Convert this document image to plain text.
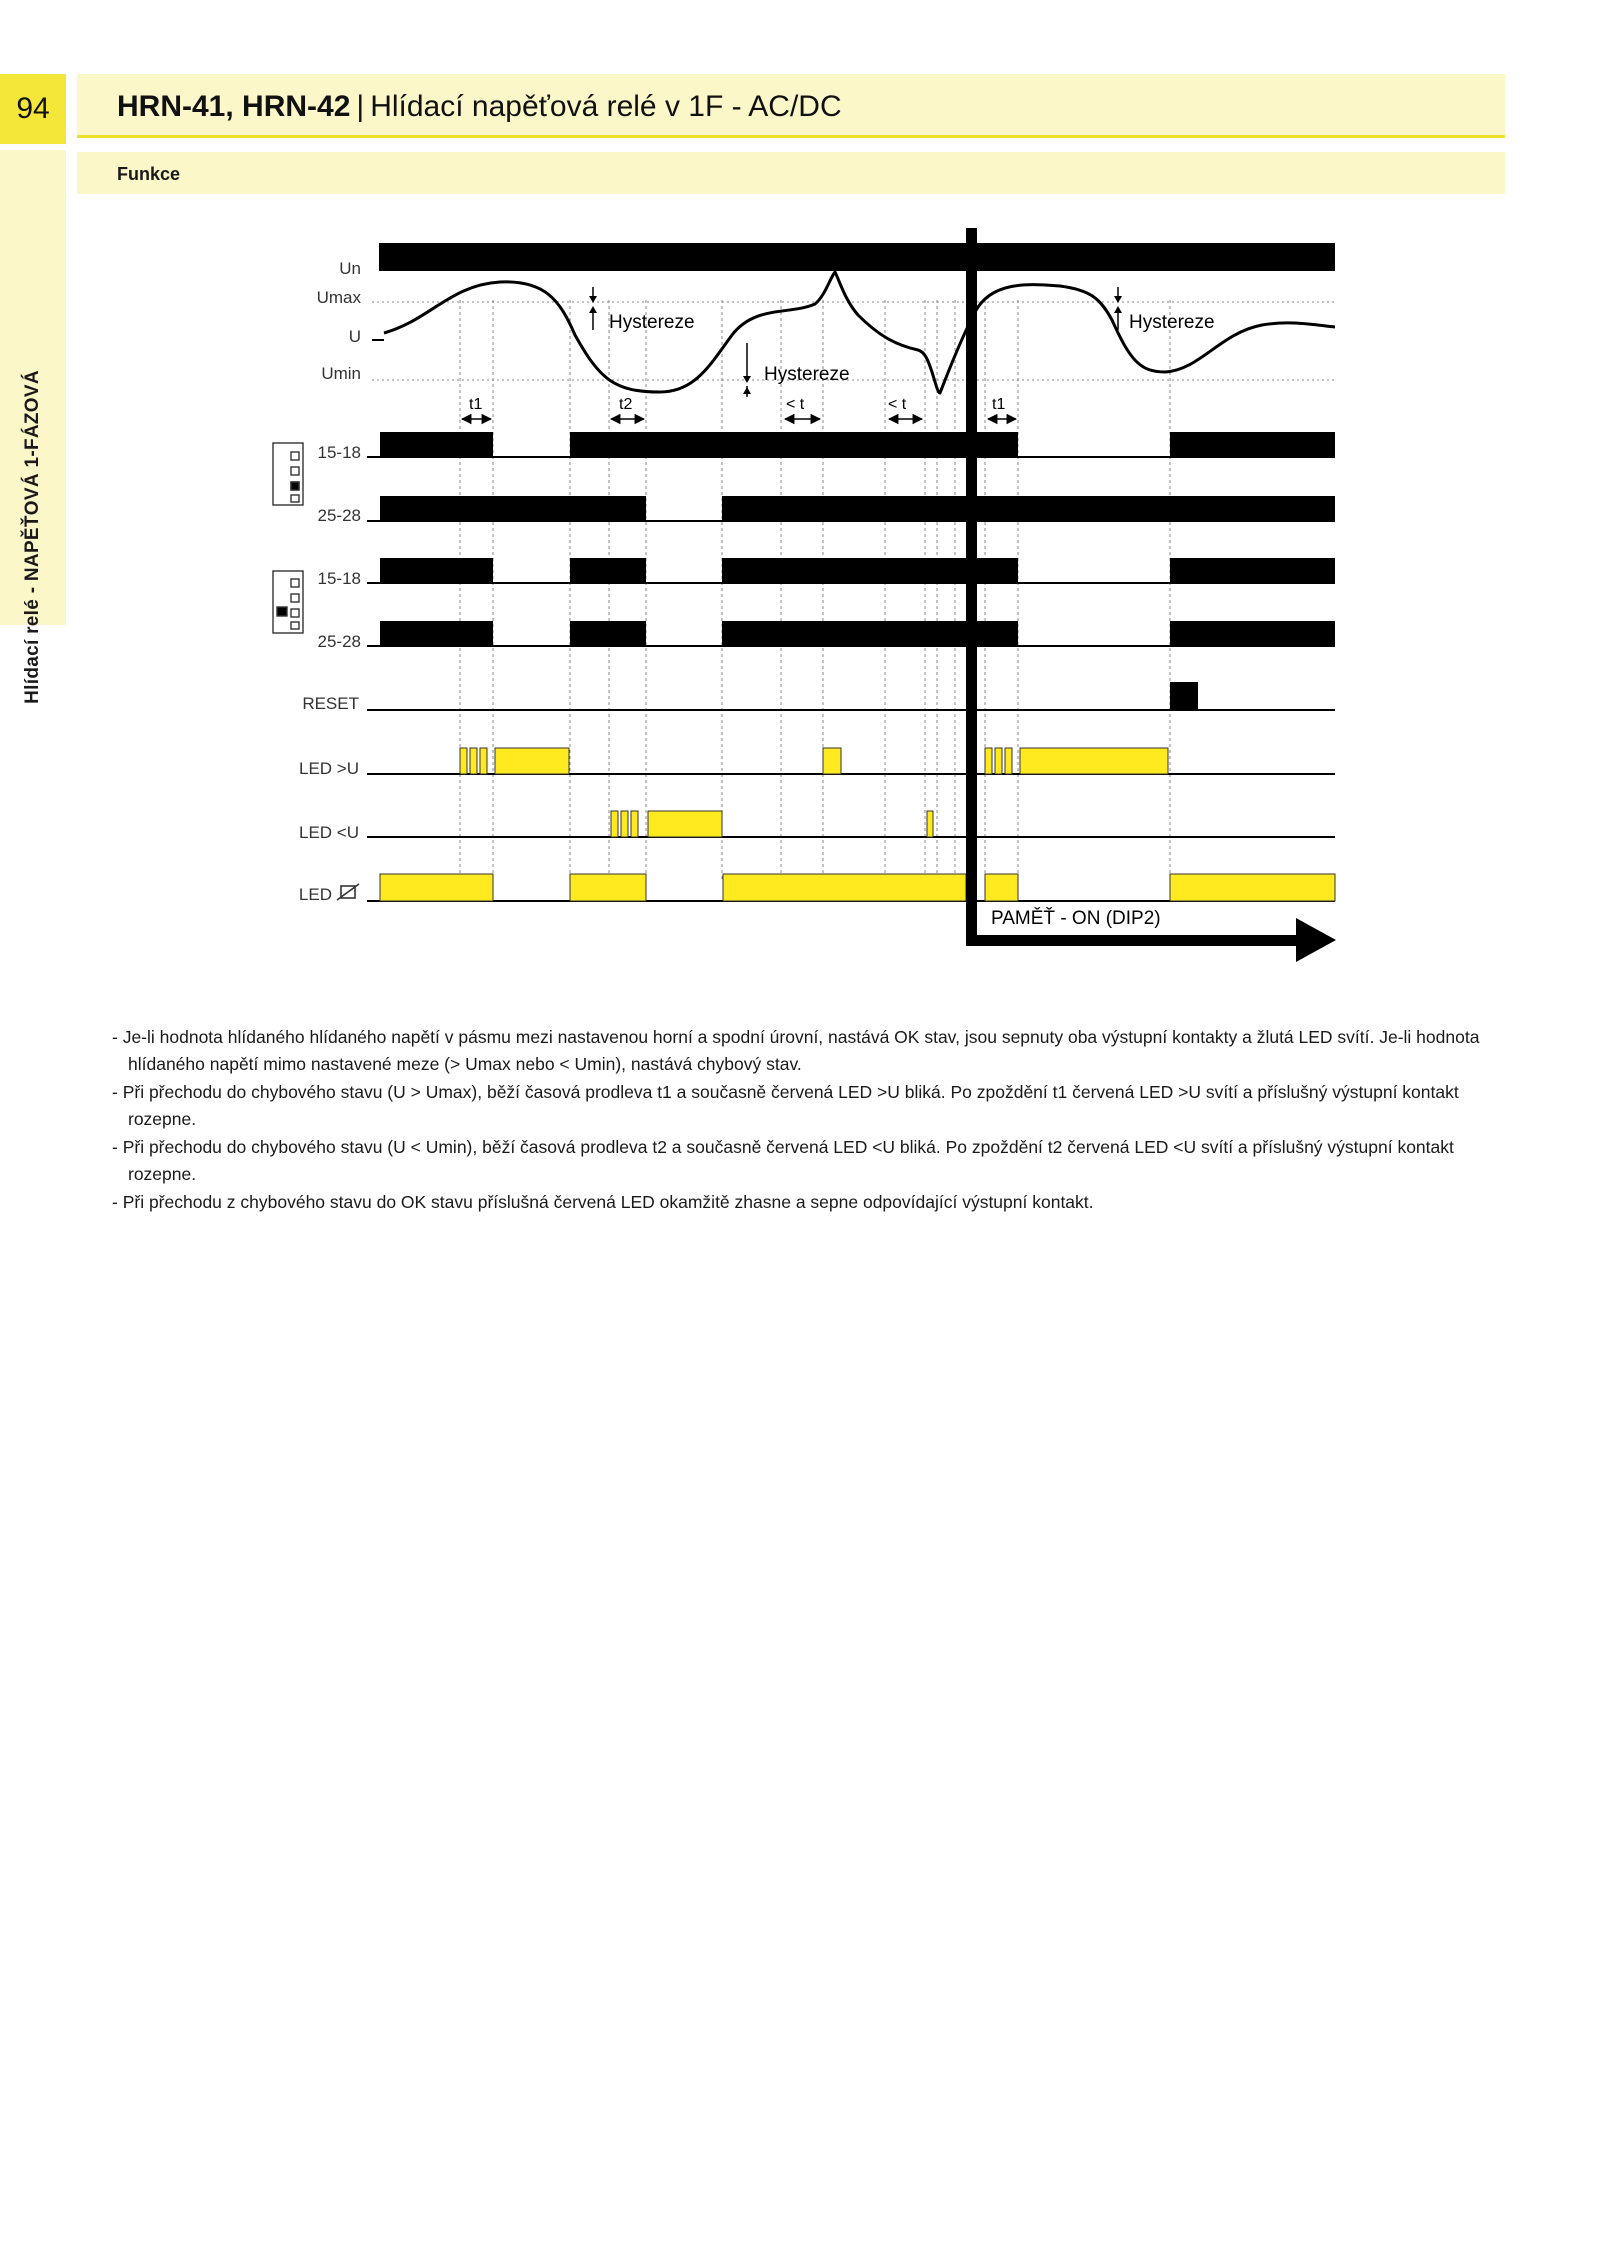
94
Hlídací relé - NAPĚŤOVÁ 1-FÁZOVÁ
HRN-41, HRN-42 | Hlídací napěťová relé v 1F - AC/DC
Funkce
Hystereze
Hystereze
Hystereze
t1	t2	< t	< t	t1
Un
Umax
U
Umin
15-18
25-28
15-18
25-28
RESET
LED >U
LED <U
LED
PAMĚŤ - ON (DIP2)

- Je-li hodnota hlídaného hlídaného napětí v pásmu mezi nastavenou horní a spodní úrovní, nastává OK stav, jsou sepnuty oba výstupní kontakty a žlutá LED svítí. Je-li hodnota hlídaného napětí mimo nastavené meze (> Umax nebo < Umin), nastává chybový stav.

- Při přechodu do chybového stavu (U > Umax), běží časová prodleva t1 a současně červená LED >U bliká. Po zpoždění t1 červená LED >U svítí a příslušný výstupní kontakt rozepne.

- Při přechodu do chybového stavu (U < Umin), běží časová prodleva t2 a současně červená LED <U bliká. Po zpoždění t2 červená LED <U svítí a příslušný výstupní kontakt rozepne.

- Při přechodu z chybového stavu do OK stavu příslušná červená LED okamžitě zhasne a sepne odpovídající výstupní kontakt.
